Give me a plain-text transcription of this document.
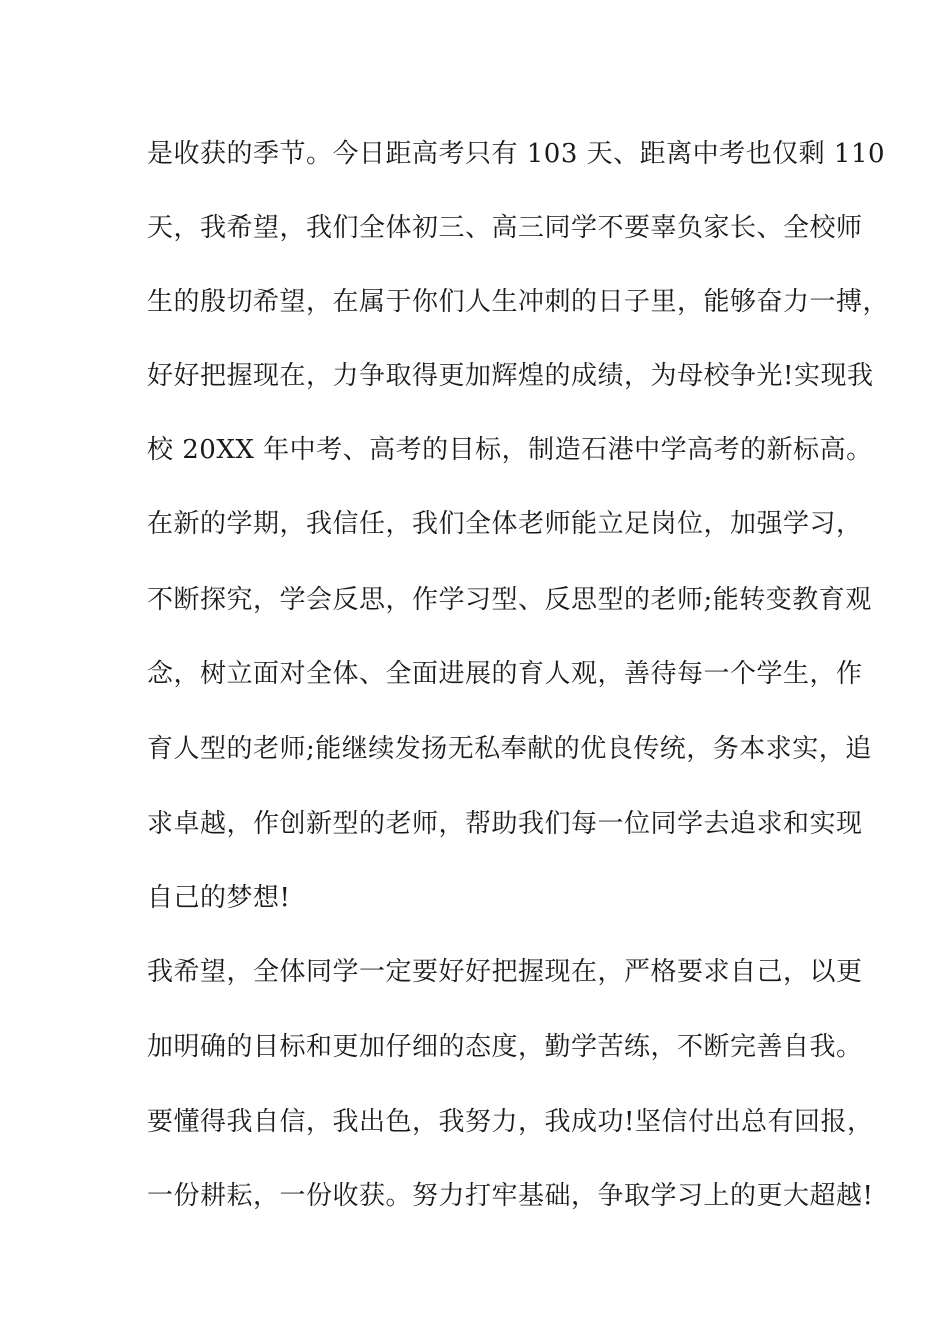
是收获的季节。今日距高考只有 103 天、距离中考也仅剩 110
天，我希望，我们全体初三、高三同学不要辜负家长、全校师
生的殷切希望，在属于你们人生冲刺的日子里，能够奋力一搏，
好好把握现在，力争取得更加辉煌的成绩，为母校争光!实现我
校 20XX 年中考、高考的目标，制造石港中学高考的新标高。
在新的学期，我信任，我们全体老师能立足岗位，加强学习，
不断探究，学会反思，作学习型、反思型的老师;能转变教育观
念，树立面对全体、全面进展的育人观，善待每一个学生，作
育人型的老师;能继续发扬无私奉献的优良传统，务本求实，追
求卓越，作创新型的老师，帮助我们每一位同学去追求和实现
自己的梦想!
我希望，全体同学一定要好好把握现在，严格要求自己，以更
加明确的目标和更加仔细的态度，勤学苦练，不断完善自我。
要懂得我自信，我出色，我努力，我成功!坚信付出总有回报，
一份耕耘，一份收获。努力打牢基础，争取学习上的更大超越!
